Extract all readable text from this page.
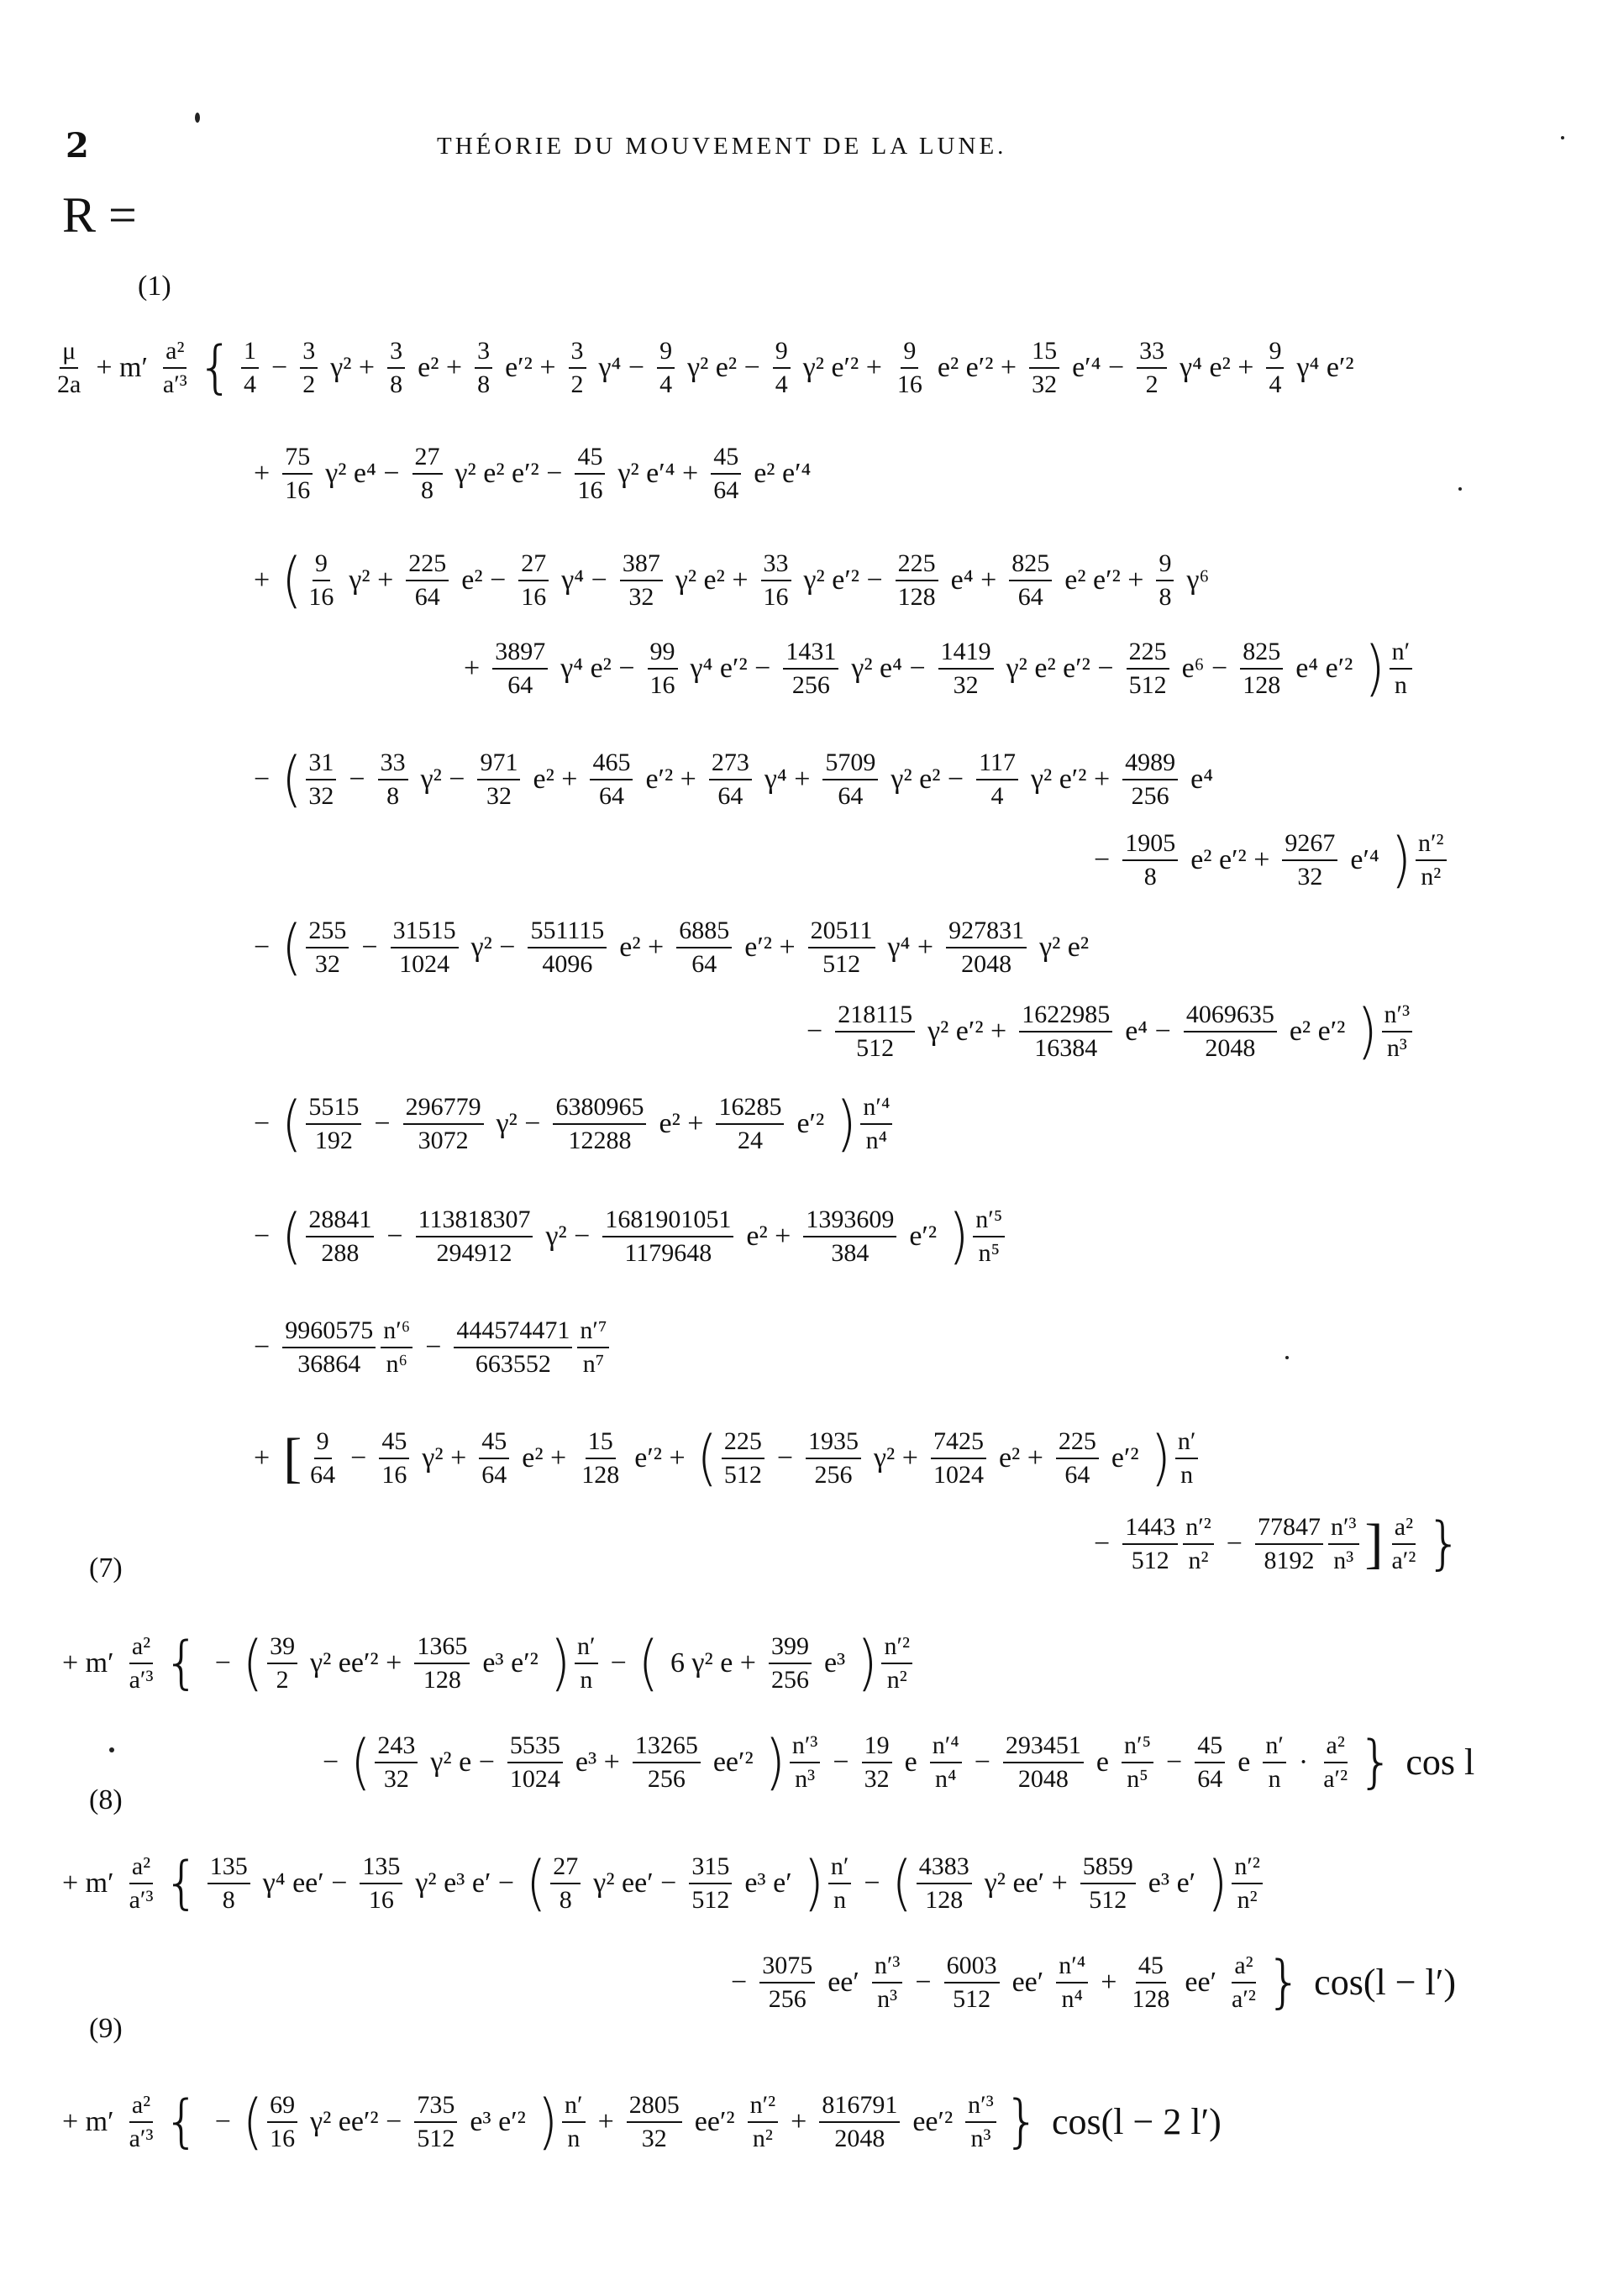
2	THÉORIE DU MOUVEMENT DE LA LUNE.
R =
(1)
(7)
(8)
(9)
$\frac{\mu}{2a} + m' \frac{\text{a²}}{\text{a′³}}$ { $\frac{1}{4} - \frac{3}{2} \gamma^2 + \frac{3}{8} e^2 + \frac{3}{8} e'^2 + \frac{3}{2} \gamma^4 - \frac{9}{4} \gamma^2$ $e^2 - \frac{9}{4} \gamma^2$ $e'^2 + \frac{9}{16} e^2$ $e'^2 + \frac{15}{32} e'^4 - \frac{33}{2} \gamma^4$ $e^2 + \frac{9}{4} \gamma^4$ e′²
+ $\frac{75}{16} \gamma^2$ $e^4 - \frac{27}{8} \gamma^2$ e² $e'^2 - \frac{45}{16} \gamma^2$ $e'^4 + \frac{45}{64} e^2$ e′⁴
+ ( $\frac{9}{16} \gamma^2 + \frac{225}{64} e^2 - \frac{27}{16} \gamma^4 - \frac{387}{32} \gamma^2$ $e^2 + \frac{33}{16} \gamma^2$ $e'^2 - \frac{225}{128} e^4 + \frac{825}{64} e^2$ $e'^2 + \frac{9}{8} \gamma^6$
+ $\frac{3897}{64} \gamma^4$ $e^2 - \frac{99}{16} \gamma^4$ $e'^2 - \frac{1431}{256} \gamma^2$ $e^4 - \frac{1419}{32} \gamma^2$ e² $e'^2 - \frac{225}{512} e^6 - \frac{825}{128} e^4$ e′² ) $\frac{n'}{n}$
− ( $\frac{31}{32} - \frac{33}{8} \gamma^2 - \frac{971}{32} e^2 + \frac{465}{64} e'^2 + \frac{273}{64} \gamma^4 + \frac{5709}{64} \gamma^2$ $e^2 - \frac{117}{4} \gamma^2$ $e'^2 + \frac{4989}{256} e^4$
− $\frac{1905}{8} e^2$ $e'^2 + \frac{9267}{32} e'^4$ ) $\frac{\text{n′²}}{\text{n²}}$
− ( $\frac{255}{32} - \frac{31515}{1024} \gamma^2 - \frac{551115}{4096} e^2 + \frac{6885}{64} e'^2 + \frac{20511}{512} \gamma^4 + \frac{927831}{2048} \gamma^2$ e²
− $\frac{218115}{512} \gamma^2$ $e'^2 + \frac{1622985}{16384} e^4 - \frac{4069635}{2048} e^2$ e′² ) $\frac{\text{n′³}}{\text{n³}}$
− ( $\frac{5515}{192} - \frac{296779}{3072} \gamma^2 - \frac{6380965}{12288} e^2 + \frac{16285}{24} e'^2$ ) $\frac{\text{n′⁴}}{\text{n⁴}}$
− ( $\frac{28841}{288} - \frac{113818307}{294912} \gamma^2 - \frac{1681901051}{1179648} e^2 + \frac{1393609}{384} e'^2$ ) $\frac{\text{n′⁵}}{\text{n⁵}}$
− $\frac{9960575}{36864} \frac{\text{n′⁶}}{\text{n⁶}} - \frac{444574471}{663552} \frac{\text{n′⁷}}{\text{n⁷}}$
+ [ $\frac{9}{64} - \frac{45}{16} \gamma^2 + \frac{45}{64} e^2 + \frac{15}{128} e'^2$ + ( $\frac{225}{512} - \frac{1935}{256} \gamma^2 + \frac{7425}{1024} e^2 + \frac{225}{64} e'^2$ ) $\frac{n'}{n}$
− $\frac{1443}{512} \frac{\text{n′²}}{\text{n²}} - \frac{77847}{8192} \frac{\text{n′³}}{\text{n³}}$ ] $\frac{\text{a²}}{\text{a′²}}$ }
+ $m' \frac{\text{a²}}{\text{a′³}}$ { − ( $\frac{39}{2} \gamma^2$ $ee'^2 + \frac{1365}{128} e^3$ e′² ) $\frac{n'}{n}$ − ( 6 γ² $e + \frac{399}{256} e^3$ ) $\frac{\text{n′²}}{\text{n²}}$
− ( $\frac{243}{32} \gamma^2$ $e - \frac{5535}{1024} e^3 + \frac{13265}{256} ee'^2$ ) $\frac{\text{n′³}}{\text{n³}} - \frac{19}{32}$ e $\frac{\text{n′⁴}}{\text{n⁴}} - \frac{293451}{2048}$ e $\frac{\text{n′⁵}}{\text{n⁵}} - \frac{45}{64}$ e $\frac{n'}{n} \cdot \frac{\text{a²}}{\text{a′²}}$ } cos l
+ $m' \frac{\text{a²}}{\text{a′³}}$ { $\frac{135}{8} \gamma^4$ $ee' - \frac{135}{16} \gamma^2$ e³ e′ − ( $\frac{27}{8} \gamma^2$ $ee' - \frac{315}{512} e^3$ e′ ) $\frac{n'}{n}$ − ( $\frac{4383}{128} \gamma^2$ $ee' + \frac{5859}{512} e^3$ e′ ) $\frac{\text{n′²}}{\text{n²}}$
− $\frac{3075}{256} ee' \frac{\text{n′³}}{\text{n³}} - \frac{6003}{512} ee' \frac{\text{n′⁴}}{\text{n⁴}} + \frac{45}{128} ee' \frac{\text{a²}}{\text{a′²}}$ } cos(l − l′)
+ $m' \frac{\text{a²}}{\text{a′³}}$ { − ( $\frac{69}{16} \gamma^2$ $ee'^2 - \frac{735}{512} e^3$ e′² ) $\frac{n'}{n} + \frac{2805}{32} ee'^2 \frac{\text{n′²}}{\text{n²}} + \frac{816791}{2048} ee'^2 \frac{\text{n′³}}{\text{n³}}$ } cos(l − 2 l′)
